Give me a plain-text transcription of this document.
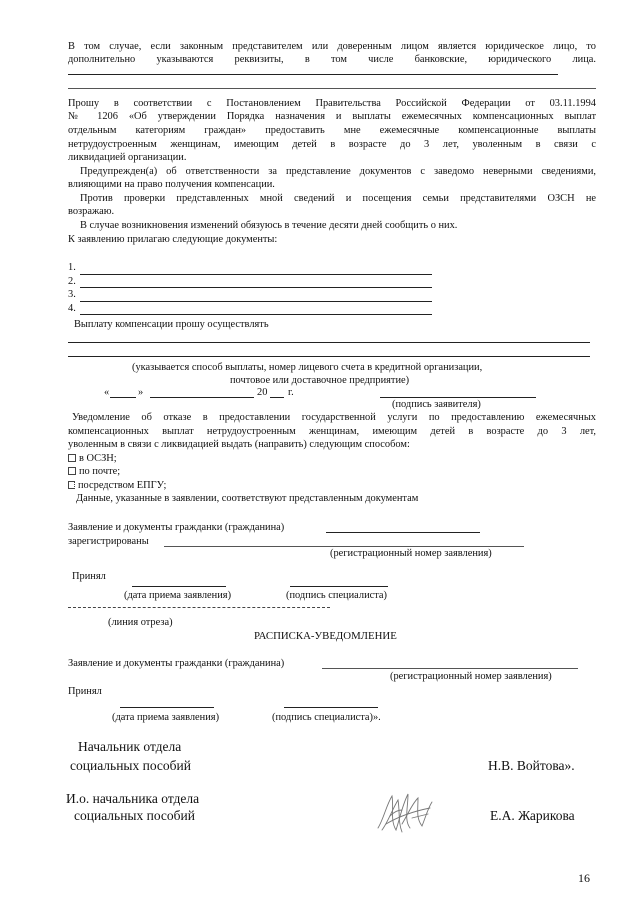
В том случае, если законным представителем или доверенным лицом является юридическое лицо, то
дополнительно указываются реквизиты, в том числе банковские, юридического лица.
Прошу в соответствии с Постановлением Правительства Российской Федерации от 03.11.1994
№ 1206 «Об утверждении Порядка назначения и выплаты ежемесячных компенсационных выплат
отдельным категориям граждан» предоставить мне ежемесячные компенсационные выплаты
нетрудоустроенным женщинам, имеющим детей в возрасте до 3 лет, уволенным в связи с
ликвидацией организации.
Предупрежден(а) об ответственности за представление документов с заведомо неверными сведениями,
влияющими на право получения компенсации.
Против проверки представленных мной сведений и посещения семьи представителями ОЗСН не
возражаю.
В случае возникновения изменений обязуюсь в течение десяти дней сообщить о них.
К заявлению прилагаю следующие документы:
1.
2.
3.
4.
Выплату компенсации прошу осуществлять
(указывается способ выплаты, номер лицевого счета в кредитной организации,
почтовое или доставочное предприятие)
«	»	20 г.
(подпись заявителя)
Уведомление об отказе в предоставлении государственной услуги по предоставлению ежемесячных
компенсационных выплат нетрудоустроенным женщинам, имеющим детей в возрасте до 3 лет,
уволенным в связи с ликвидацией выдать (направить) следующим способом:
в ОСЗН;
по почте;
посредством ЕПГУ;
Данные, указанные в заявлении, соответствуют представленным документам
Заявление и документы гражданки (гражданина)
зарегистрированы
(регистрационный номер заявления)
Принял
(дата приема заявления)	(подпись специалиста)
(линия отреза)
РАСПИСКА-УВЕДОМЛЕНИЕ
Заявление и документы гражданки (гражданина)
(регистрационный номер заявления)
Принял
(дата приема заявления)	(подпись специалиста)».
Начальник отдела
социальных пособий	Н.В. Войтова».
И.о. начальника отдела
социальных пособий	Е.А. Жарикова
16
